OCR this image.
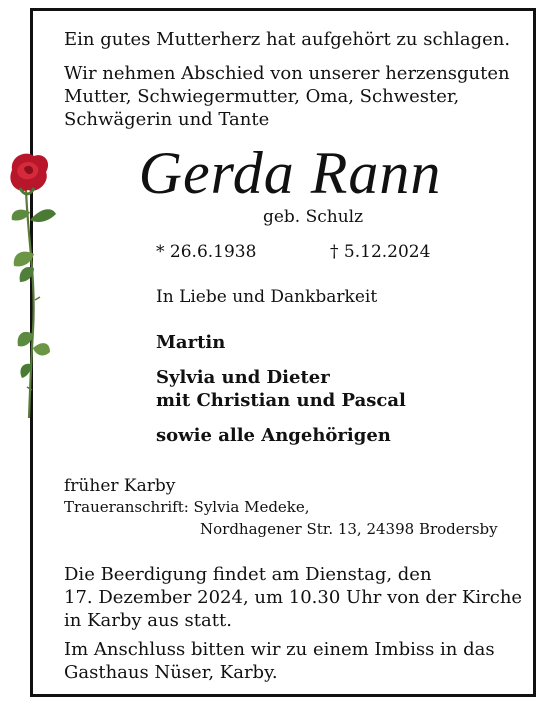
Ein gutes Mutterherz hat aufgehört zu schlagen.
Wir nehmen Abschied von unserer herzensguten
Mutter, Schwiegermutter, Oma, Schwester,
Schwägerin und Tante
Gerda Rann
geb. Schulz
* 26.6.1938	† 5.12.2024
In Liebe und Dankbarkeit
Martin
Sylvia und Dieter
mit Christian und Pascal
sowie alle Angehörigen
früher Karby
Traueranschrift: Sylvia Medeke,
Nordhagener Str. 13, 24398 Brodersby
Die Beerdigung findet am Dienstag, den
17. Dezember 2024, um 10.30 Uhr von der Kirche
in Karby aus statt.
Im Anschluss bitten wir zu einem Imbiss in das
Gasthaus Nüser, Karby.
